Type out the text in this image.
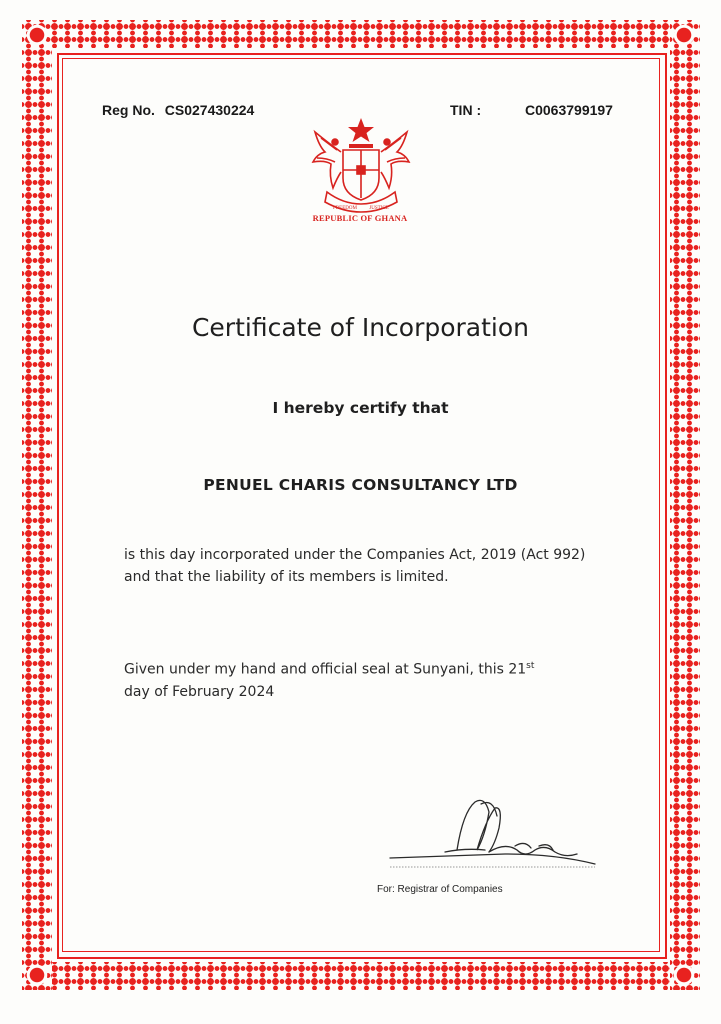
Reg No. CS027430224	TIN :	C0063799197
FREEDOM JUSTICE
REPUBLIC OF GHANA
Certificate of Incorporation
I hereby certify that
PENUEL CHARIS CONSULTANCY LTD
is this day incorporated under the Companies Act, 2019 (Act 992) and that the liability of its members is limited.
Given under my hand and official seal at Sunyani, this 21st
day of February 2024
For: Registrar of Companies
